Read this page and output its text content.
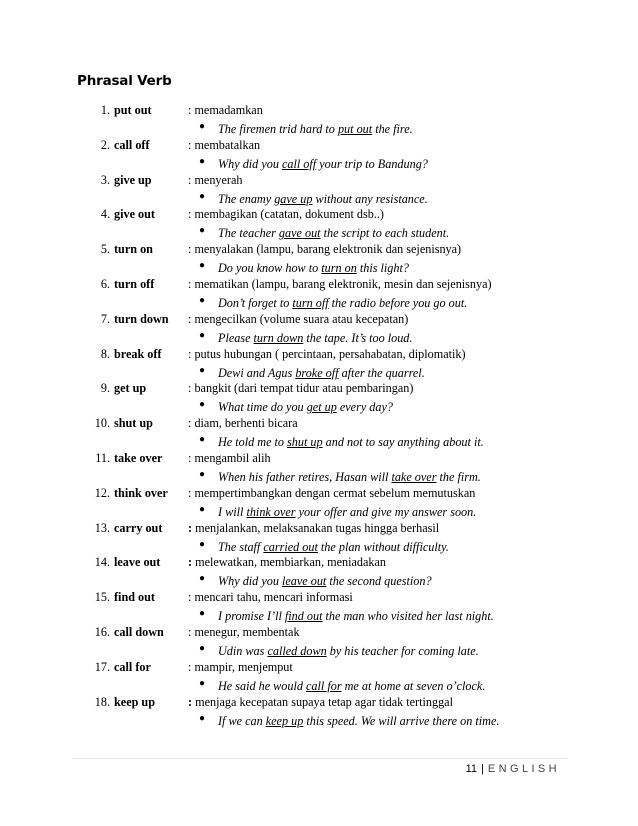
Phrasal Verb
1. put out	: memadamkan
● The firemen trid hard to put out the fire.
2. call off	: membatalkan
● Why did you call off your trip to Bandung?
3. give up	: menyerah
● The enamy gave up without any resistance.
4. give out	: membagikan (catatan, dokument dsb..)
● The teacher gave out the script to each student.
5. turn on	: menyalakan (lampu, barang elektronik dan sejenisnya)
● Do you know how to turn on this light?
6. turn off	: mematikan (lampu, barang elektronik, mesin dan sejenisnya)
● Don’t forget to turn off the radio before you go out.
7. turn down : mengecilkan (volume suara atau kecepatan)
● Please turn down the tape. It’s too loud.
8. break off : putus hubungan ( percintaan, persahabatan, diplomatik)
● Dewi and Agus broke off after the quarrel.
9. get up	: bangkit (dari tempat tidur atau pembaringan)
● What time do you get up every day?
10. shut up	: diam, berhenti bicara
● He told me to shut up and not to say anything about it.
11. take over : mengambil alih
● When his father retires, Hasan will take over the firm.
12. think over : mempertimbangkan dengan cermat sebelum memutuskan
● I will think over your offer and give my answer soon.
13. carry out : menjalankan, melaksanakan tugas hingga berhasil
● The staff carried out the plan without difficulty.
14. leave out : melewatkan, membiarkan, meniadakan
● Why did you leave out the second question?
15. find out	: mencari tahu, mencari informasi
● I promise I’ll find out the man who visited her last night.
16. call down : menegur, membentak
● Udin was called down by his teacher for coming late.
17. call for	: mampir, menjemput
● He said he would call for me at home at seven o’clock.
18. keep up	: menjaga kecepatan supaya tetap agar tidak tertinggal
● If we can keep up this speed. We will arrive there on time.
11 | ENGLISH
